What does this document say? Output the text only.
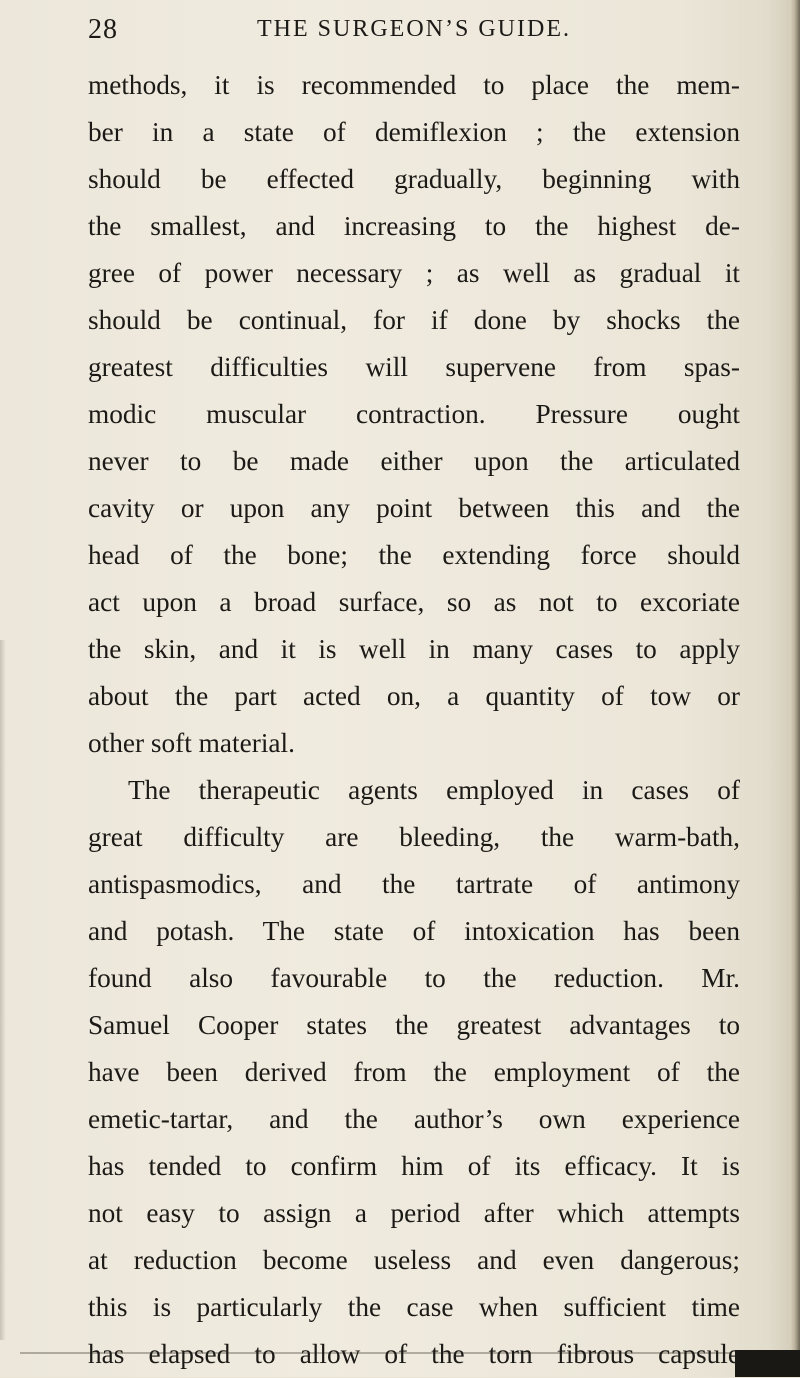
28	THE SURGEON’S GUIDE.
methods, it is recommended to place the mem-
ber in a state of demiflexion ; the extension
should be effected gradually, beginning with
the smallest, and increasing to the highest de-
gree of power necessary ; as well as gradual it
should be continual, for if done by shocks the
greatest difficulties will supervene from spas-
modic muscular contraction. Pressure ought
never to be made either upon the articulated
cavity or upon any point between this and the
head of the bone; the extending force should
act upon a broad surface, so as not to excoriate
the skin, and it is well in many cases to apply
about the part acted on, a quantity of tow or
other soft material.
The therapeutic agents employed in cases of
great difficulty are bleeding, the warm-bath,
antispasmodics, and the tartrate of antimony
and potash. The state of intoxication has been
found also favourable to the reduction. Mr.
Samuel Cooper states the greatest advantages to
have been derived from the employment of the
emetic-tartar, and the author’s own experience
has tended to confirm him of its efficacy. It is
not easy to assign a period after which attempts
at reduction become useless and even dangerous;
this is particularly the case when sufficient time
has elapsed to allow of the torn fibrous capsule
